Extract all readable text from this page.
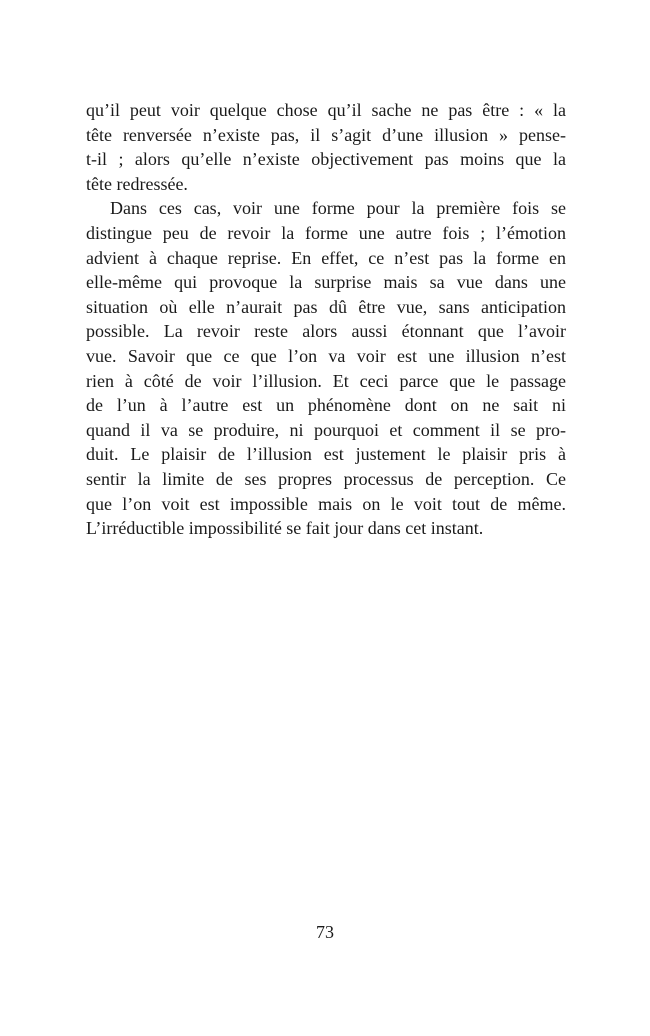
qu’il peut voir quelque chose qu’il sache ne pas être : « la
tête renversée n’existe pas, il s’agit d’une illusion » pense-
t-il ; alors qu’elle n’existe objectivement pas moins que la
tête redressée.
Dans ces cas, voir une forme pour la première fois se
distingue peu de revoir la forme une autre fois ; l’émotion
advient à chaque reprise. En effet, ce n’est pas la forme en
elle-même qui provoque la surprise mais sa vue dans une
situation où elle n’aurait pas dû être vue, sans anticipation
possible. La revoir reste alors aussi étonnant que l’avoir
vue. Savoir que ce que l’on va voir est une illusion n’est
rien à côté de voir l’illusion. Et ceci parce que le passage
de l’un à l’autre est un phénomène dont on ne sait ni
quand il va se produire, ni pourquoi et comment il se pro-
duit. Le plaisir de l’illusion est justement le plaisir pris à
sentir la limite de ses propres processus de perception. Ce
que l’on voit est impossible mais on le voit tout de même.
L’irréductible impossibilité se fait jour dans cet instant.
73
